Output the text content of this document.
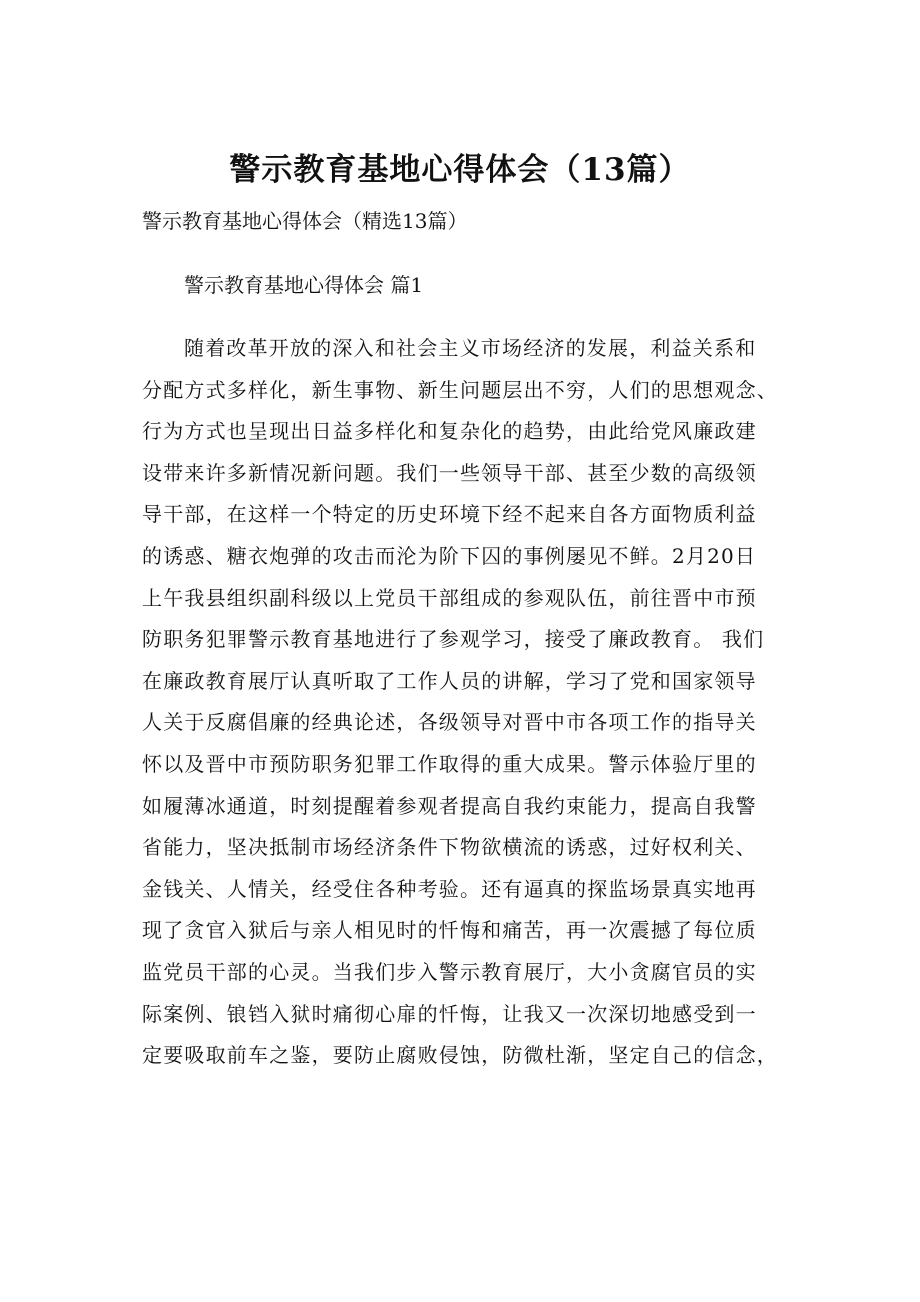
警示教育基地心得体会（13篇）
警示教育基地心得体会（精选13篇）
警示教育基地心得体会 篇1
随着改革开放的深入和社会主义市场经济的发展，利益关系和
分配方式多样化，新生事物、新生问题层出不穷，人们的思想观念、
行为方式也呈现出日益多样化和复杂化的趋势，由此给党风廉政建
设带来许多新情况新问题。我们一些领导干部、甚至少数的高级领
导干部，在这样一个特定的历史环境下经不起来自各方面物质利益
的诱惑、糖衣炮弹的攻击而沦为阶下囚的事例屡见不鲜。2月20日
上午我县组织副科级以上党员干部组成的参观队伍，前往晋中市预
防职务犯罪警示教育基地进行了参观学习，接受了廉政教育。 我们
在廉政教育展厅认真听取了工作人员的讲解，学习了党和国家领导
人关于反腐倡廉的经典论述，各级领导对晋中市各项工作的指导关
怀以及晋中市预防职务犯罪工作取得的重大成果。警示体验厅里的
如履薄冰通道，时刻提醒着参观者提高自我约束能力，提高自我警
省能力，坚决抵制市场经济条件下物欲横流的诱惑，过好权利关、
金钱关、人情关，经受住各种考验。还有逼真的探监场景真实地再
现了贪官入狱后与亲人相见时的忏悔和痛苦，再一次震撼了每位质
监党员干部的心灵。当我们步入警示教育展厅，大小贪腐官员的实
际案例、锒铛入狱时痛彻心扉的忏悔，让我又一次深切地感受到一
定要吸取前车之鉴，要防止腐败侵蚀，防微杜渐，坚定自己的信念，
